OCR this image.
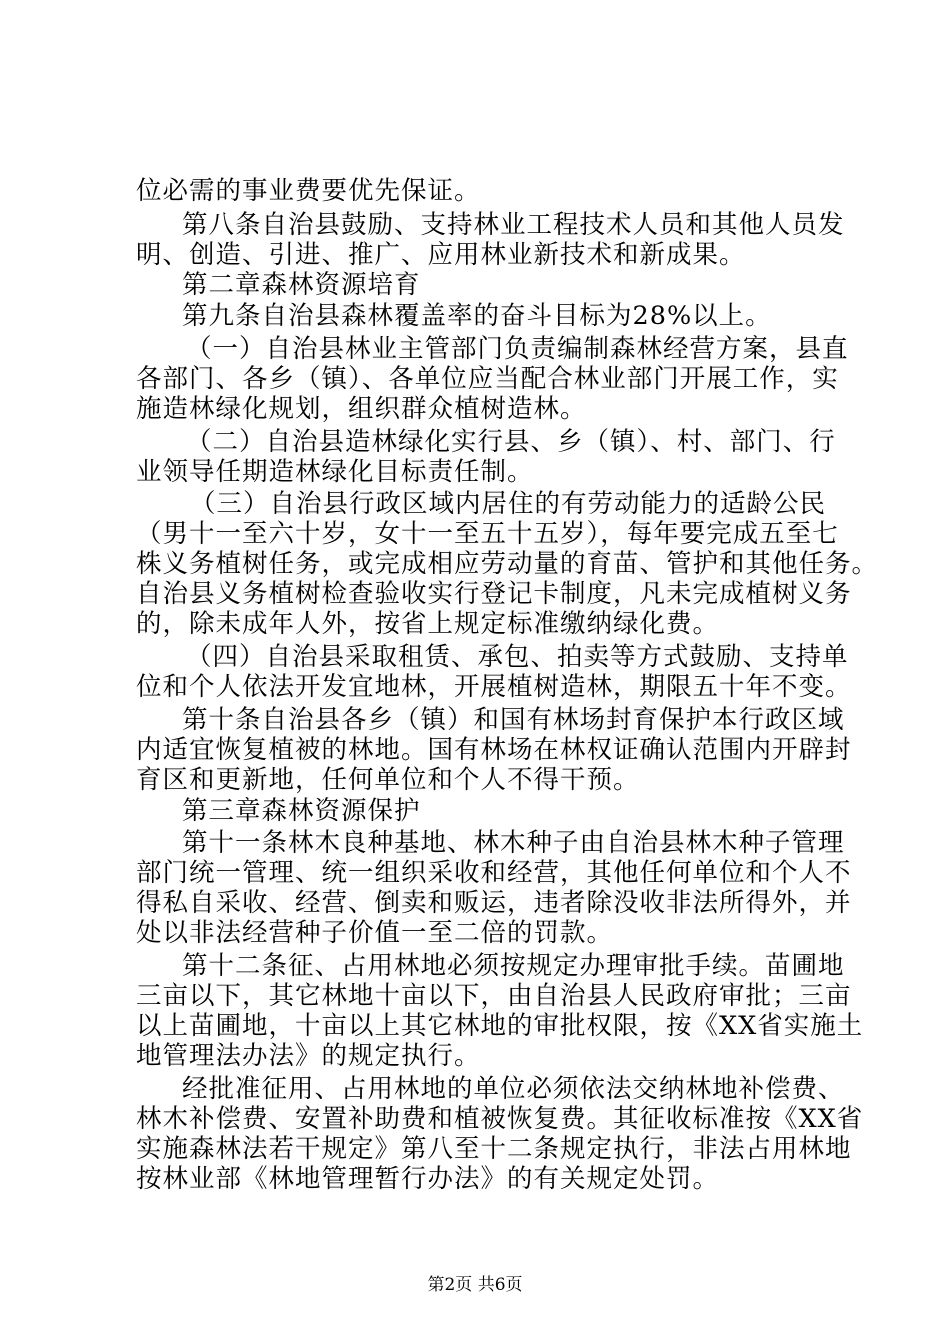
位必需的事业费要优先保证。
第八条自治县鼓励、支持林业工程技术人员和其他人员发
明、创造、引进、推广、应用林业新技术和新成果。
第二章森林资源培育
第九条自治县森林覆盖率的奋斗目标为28%以上。
（一）自治县林业主管部门负责编制森林经营方案，县直
各部门、各乡（镇）、各单位应当配合林业部门开展工作，实
施造林绿化规划，组织群众植树造林。
（二）自治县造林绿化实行县、乡（镇）、村、部门、行
业领导任期造林绿化目标责任制。
（三）自治县行政区域内居住的有劳动能力的适龄公民
（男十一至六十岁，女十一至五十五岁），每年要完成五至七
株义务植树任务，或完成相应劳动量的育苗、管护和其他任务。
自治县义务植树检查验收实行登记卡制度，凡未完成植树义务
的，除未成年人外，按省上规定标准缴纳绿化费。
（四）自治县采取租赁、承包、拍卖等方式鼓励、支持单
位和个人依法开发宜地林，开展植树造林，期限五十年不变。
第十条自治县各乡（镇）和国有林场封育保护本行政区域
内适宜恢复植被的林地。国有林场在林权证确认范围内开辟封
育区和更新地，任何单位和个人不得干预。
第三章森林资源保护
第十一条林木良种基地、林木种子由自治县林木种子管理
部门统一管理、统一组织采收和经营，其他任何单位和个人不
得私自采收、经营、倒卖和贩运，违者除没收非法所得外，并
处以非法经营种子价值一至二倍的罚款。
第十二条征、占用林地必须按规定办理审批手续。苗圃地
三亩以下，其它林地十亩以下，由自治县人民政府审批；三亩
以上苗圃地，十亩以上其它林地的审批权限，按《XX省实施土
地管理法办法》的规定执行。
经批准征用、占用林地的单位必须依法交纳林地补偿费、
林木补偿费、安置补助费和植被恢复费。其征收标准按《XX省
实施森林法若干规定》第八至十二条规定执行，非法占用林地
按林业部《林地管理暂行办法》的有关规定处罚。
第2页 共6页
